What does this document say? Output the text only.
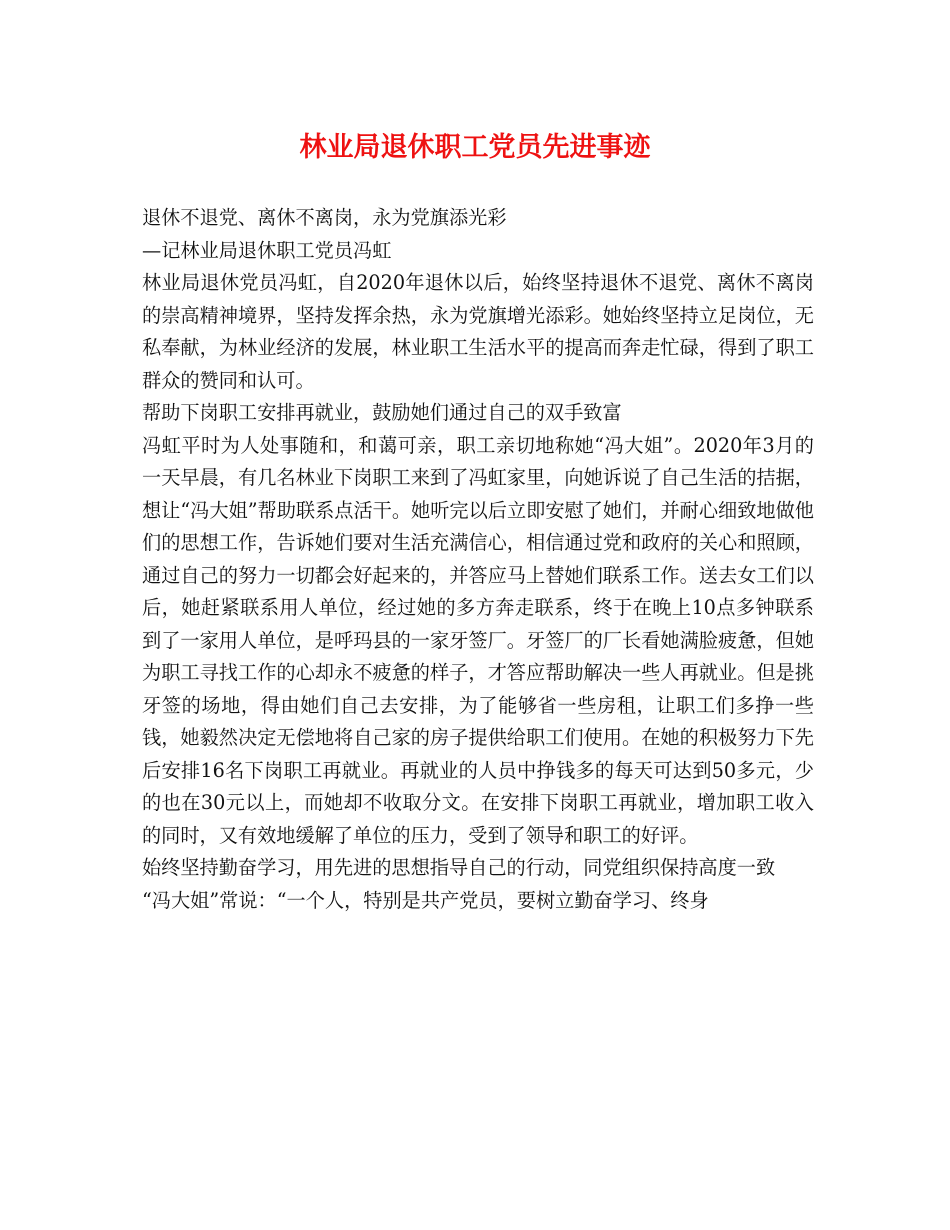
林业局退休职工党员先进事迹

退休不退党、离休不离岗，永为党旗添光彩

—记林业局退休职工党员冯虹

林业局退休党员冯虹，自2020年退休以后，始终坚持退休不退党、离休不离岗的崇高精神境界，坚持发挥余热，永为党旗增光添彩。她始终坚持立足岗位，无私奉献，为林业经济的发展，林业职工生活水平的提高而奔走忙碌，得到了职工群众的赞同和认可。

帮助下岗职工安排再就业，鼓励她们通过自己的双手致富

冯虹平时为人处事随和，和蔼可亲，职工亲切地称她“冯大姐”。2020年3月的一天早晨，有几名林业下岗职工来到了冯虹家里，向她诉说了自己生活的拮据，想让“冯大姐”帮助联系点活干。她听完以后立即安慰了她们，并耐心细致地做他们的思想工作，告诉她们要对生活充满信心，相信通过党和政府的关心和照顾，通过自己的努力一切都会好起来的，并答应马上替她们联系工作。送去女工们以后，她赶紧联系用人单位，经过她的多方奔走联系，终于在晚上10点多钟联系到了一家用人单位，是呼玛县的一家牙签厂。牙签厂的厂长看她满脸疲惫，但她为职工寻找工作的心却永不疲惫的样子，才答应帮助解决一些人再就业。但是挑牙签的场地，得由她们自己去安排，为了能够省一些房租，让职工们多挣一些钱，她毅然决定无偿地将自己家的房子提供给职工们使用。在她的积极努力下先后安排16名下岗职工再就业。再就业的人员中挣钱多的每天可达到50多元，少的也在30元以上，而她却不收取分文。在安排下岗职工再就业，增加职工收入的同时，又有效地缓解了单位的压力，受到了领导和职工的好评。

始终坚持勤奋学习，用先进的思想指导自己的行动，同党组织保持高度一致

“冯大姐”常说：“一个人，特别是共产党员，要树立勤奋学习、终身
